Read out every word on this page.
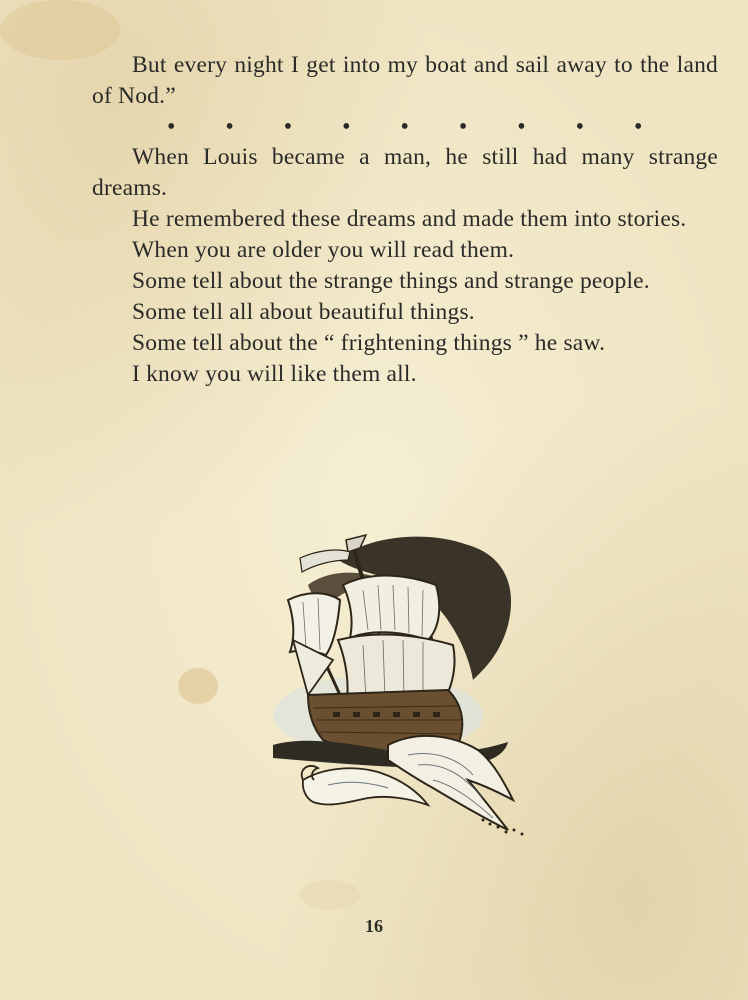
But every night I get into my boat and sail away to the land of Nod.”

• • • • • • • • •

When Louis became a man, he still had many strange dreams.

He remembered these dreams and made them into stories.

When you are older you will read them.

Some tell about the strange things and strange people.

Some tell all about beautiful things.

Some tell about the “ frightening things ” he saw.

I know you will like them all.

16
